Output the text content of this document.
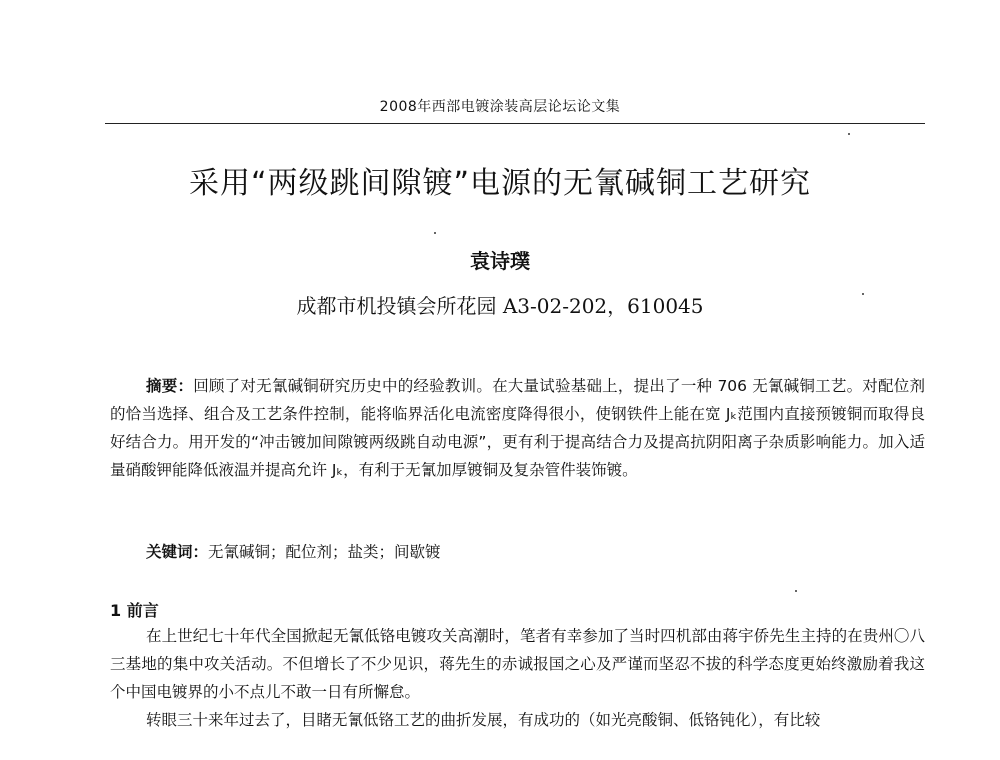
2008年西部电镀涂装高层论坛论文集
采用“两级跳间隙镀”电源的无氰碱铜工艺研究
袁诗璞
成都市机投镇会所花园 A3-02-202，610045
摘要：回顾了对无氰碱铜研究历史中的经验教训。在大量试验基础上，提出了一种 706 无氰碱铜工艺。对配位剂的恰当选择、组合及工艺条件控制，能将临界活化电流密度降得很小，使钢铁件上能在宽 Jₖ范围内直接预镀铜而取得良好结合力。用开发的“冲击镀加间隙镀两级跳自动电源”，更有利于提高结合力及提高抗阴阳离子杂质影响能力。加入适量硝酸钾能降低液温并提高允许 Jₖ，有利于无氰加厚镀铜及复杂管件装饰镀。
关键词：无氰碱铜；配位剂；盐类；间歇镀
1 前言

在上世纪七十年代全国掀起无氰低铬电镀攻关高潮时，笔者有幸参加了当时四机部由蒋宇侨先生主持的在贵州〇八三基地的集中攻关活动。不但增长了不少见识，蒋先生的赤诚报国之心及严谨而坚忍不拔的科学态度更始终激励着我这个中国电镀界的小不点儿不敢一日有所懈怠。

转眼三十来年过去了，目睹无氰低铬工艺的曲折发展，有成功的（如光亮酸铜、低铬钝化），有比较
